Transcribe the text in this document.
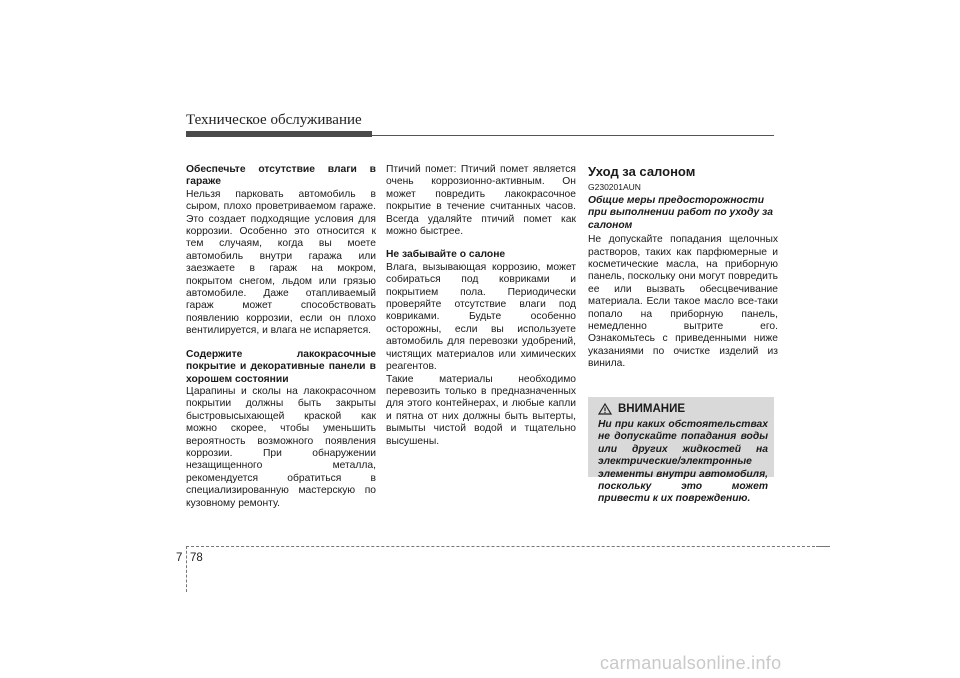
Техническое обслуживание
Обеспечьте отсутствие влаги в гараже
Нельзя парковать автомобиль в сыром, плохо проветриваемом гараже. Это создает подходящие условия для коррозии. Особенно это относится к тем случаям, когда вы моете автомобиль внутри гаража или заезжаете в гараж на мокром, покрытом снегом, льдом или грязью автомобиле. Даже отапливаемый гараж может способствовать появлению коррозии, если он плохо вентилируется, и влага не испаряется.
Содержите лакокрасочные покрытие и декоративные панели в хорошем состоянии
Царапины и сколы на лакокрасочном покрытии должны быть закрыты быстровысыхающей краской как можно скорее, чтобы уменьшить вероятность возможного появления коррозии. При обнаружении незащищенного металла, рекомендуется обратиться в специализированную мастерскую по кузовному ремонту.
Птичий помет: Птичий помет является очень коррозионно-активным. Он может повредить лакокрасочное покрытие в течение считанных часов. Всегда удаляйте птичий помет как можно быстрее.
Не забывайте о салоне
Влага, вызывающая коррозию, может собираться под ковриками и покрытием пола. Периодически проверяйте отсутствие влаги под ковриками. Будьте особенно осторожны, если вы используете автомобиль для перевозки удобрений, чистящих материалов или химических реагентов.
Такие материалы необходимо перевозить только в предназначенных для этого контейнерах, и любые капли и пятна от них должны быть вытерты, вымыты чистой водой и тщательно высушены.
Уход за салоном
G230201AUN
Общие меры предосторожности при выполнении работ по уходу за салоном
Не допускайте попадания щелочных растворов, таких как парфюмерные и косметические масла, на приборную панель, поскольку они могут повредить ее или вызвать обесцвечивание материала. Если такое масло все-таки попало на приборную панель, немедленно вытрите его. Ознакомьтесь с приведенными ниже указаниями по очистке изделий из винила.
ВНИМАНИЕ
Ни при каких обстоятельствах не допускайте попадания воды или других жидкостей на электрические/электронные элементы внутри автомобиля, поскольку это может привести к их повреждению.
7 78
carmanualsonline.info
